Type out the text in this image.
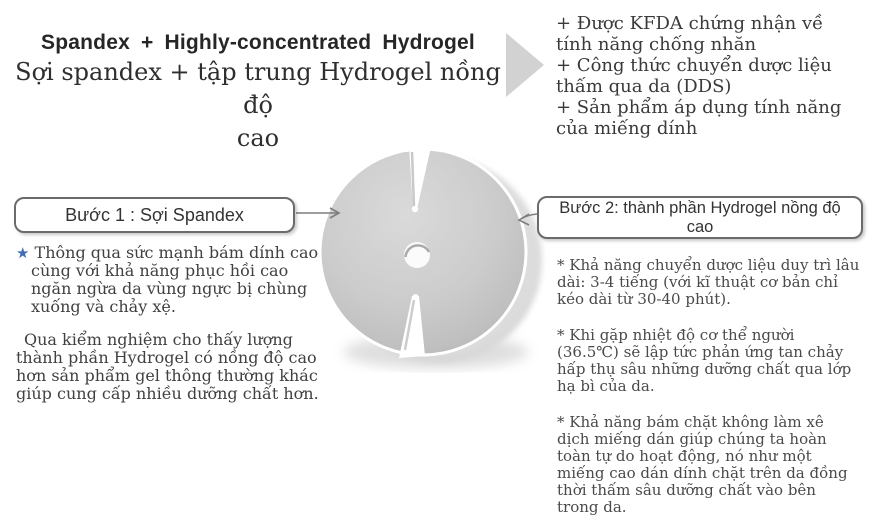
Spandex + Highly-concentrated Hydrogel
Sợi spandex + tập trung Hydrogel nồng độ
cao
+ Được KFDA chứng nhận về tính năng chống nhăn
+ Công thức chuyển dược liệu thấm qua da (DDS)
+ Sản phẩm áp dụng tính năng của miếng dính
Bước 1 : Sợi Spandex

★ Thông qua sức mạnh bám dính cao cùng với khả năng phục hồi cao ngăn ngừa da vùng ngực bị chùng xuống và chảy xệ.

Qua kiểm nghiệm cho thấy lượng thành phần Hydrogel có nồng độ cao hơn sản phẩm gel thông thường khác giúp cung cấp nhiều dưỡng chất hơn.

Bước 2: thành phần Hydrogel nồng độ cao

* Khả năng chuyển dược liệu duy trì lâu dài: 3-4 tiếng (với kĩ thuật cơ bản chỉ kéo dài từ 30-40 phút).

* Khi gặp nhiệt độ cơ thể người (36.5℃) sẽ lập tức phản ứng tan chảy hấp thụ sâu những dưỡng chất qua lớp hạ bì của da.

* Khả năng bám chặt không làm xê dịch miếng dán giúp chúng ta hoàn toàn tự do hoạt động, nó như một miếng cao dán dính chặt trên da đồng thời thấm sâu dưỡng chất vào bên trong da.
